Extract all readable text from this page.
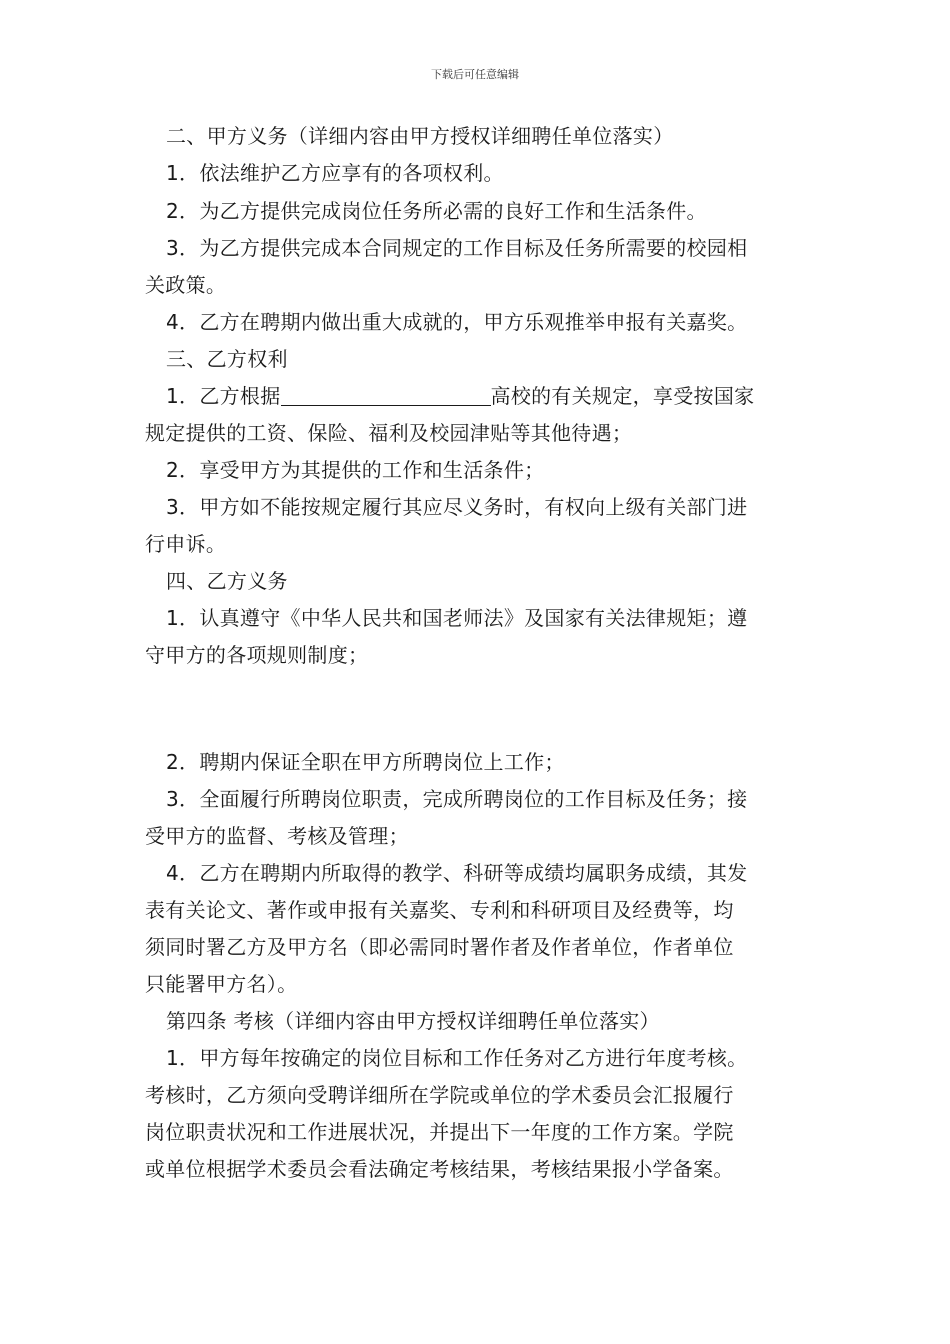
下载后可任意编辑
二、甲方义务（详细内容由甲方授权详细聘任单位落实）
1．依法维护乙方应享有的各项权利。
2．为乙方提供完成岗位任务所必需的良好工作和生活条件。
3．为乙方提供完成本合同规定的工作目标及任务所需要的校园相
关政策。
4．乙方在聘期内做出重大成就的，甲方乐观推举申报有关嘉奖。
三、乙方权利
1．乙方根据	高校的有关规定，享受按国家
规定提供的工资、保险、福利及校园津贴等其他待遇；
2．享受甲方为其提供的工作和生活条件；
3．甲方如不能按规定履行其应尽义务时，有权向上级有关部门进
行申诉。
四、乙方义务
1．认真遵守《中华人民共和国老师法》及国家有关法律规矩；遵
守甲方的各项规则制度；
2．聘期内保证全职在甲方所聘岗位上工作；
3．全面履行所聘岗位职责，完成所聘岗位的工作目标及任务；接
受甲方的监督、考核及管理；
4．乙方在聘期内所取得的教学、科研等成绩均属职务成绩，其发
表有关论文、著作或申报有关嘉奖、专利和科研项目及经费等，均
须同时署乙方及甲方名（即必需同时署作者及作者单位，作者单位
只能署甲方名）。
第四条 考核（详细内容由甲方授权详细聘任单位落实）
1．甲方每年按确定的岗位目标和工作任务对乙方进行年度考核。
考核时，乙方须向受聘详细所在学院或单位的学术委员会汇报履行
岗位职责状况和工作进展状况，并提出下一年度的工作方案。学院
或单位根据学术委员会看法确定考核结果，考核结果报小学备案。
